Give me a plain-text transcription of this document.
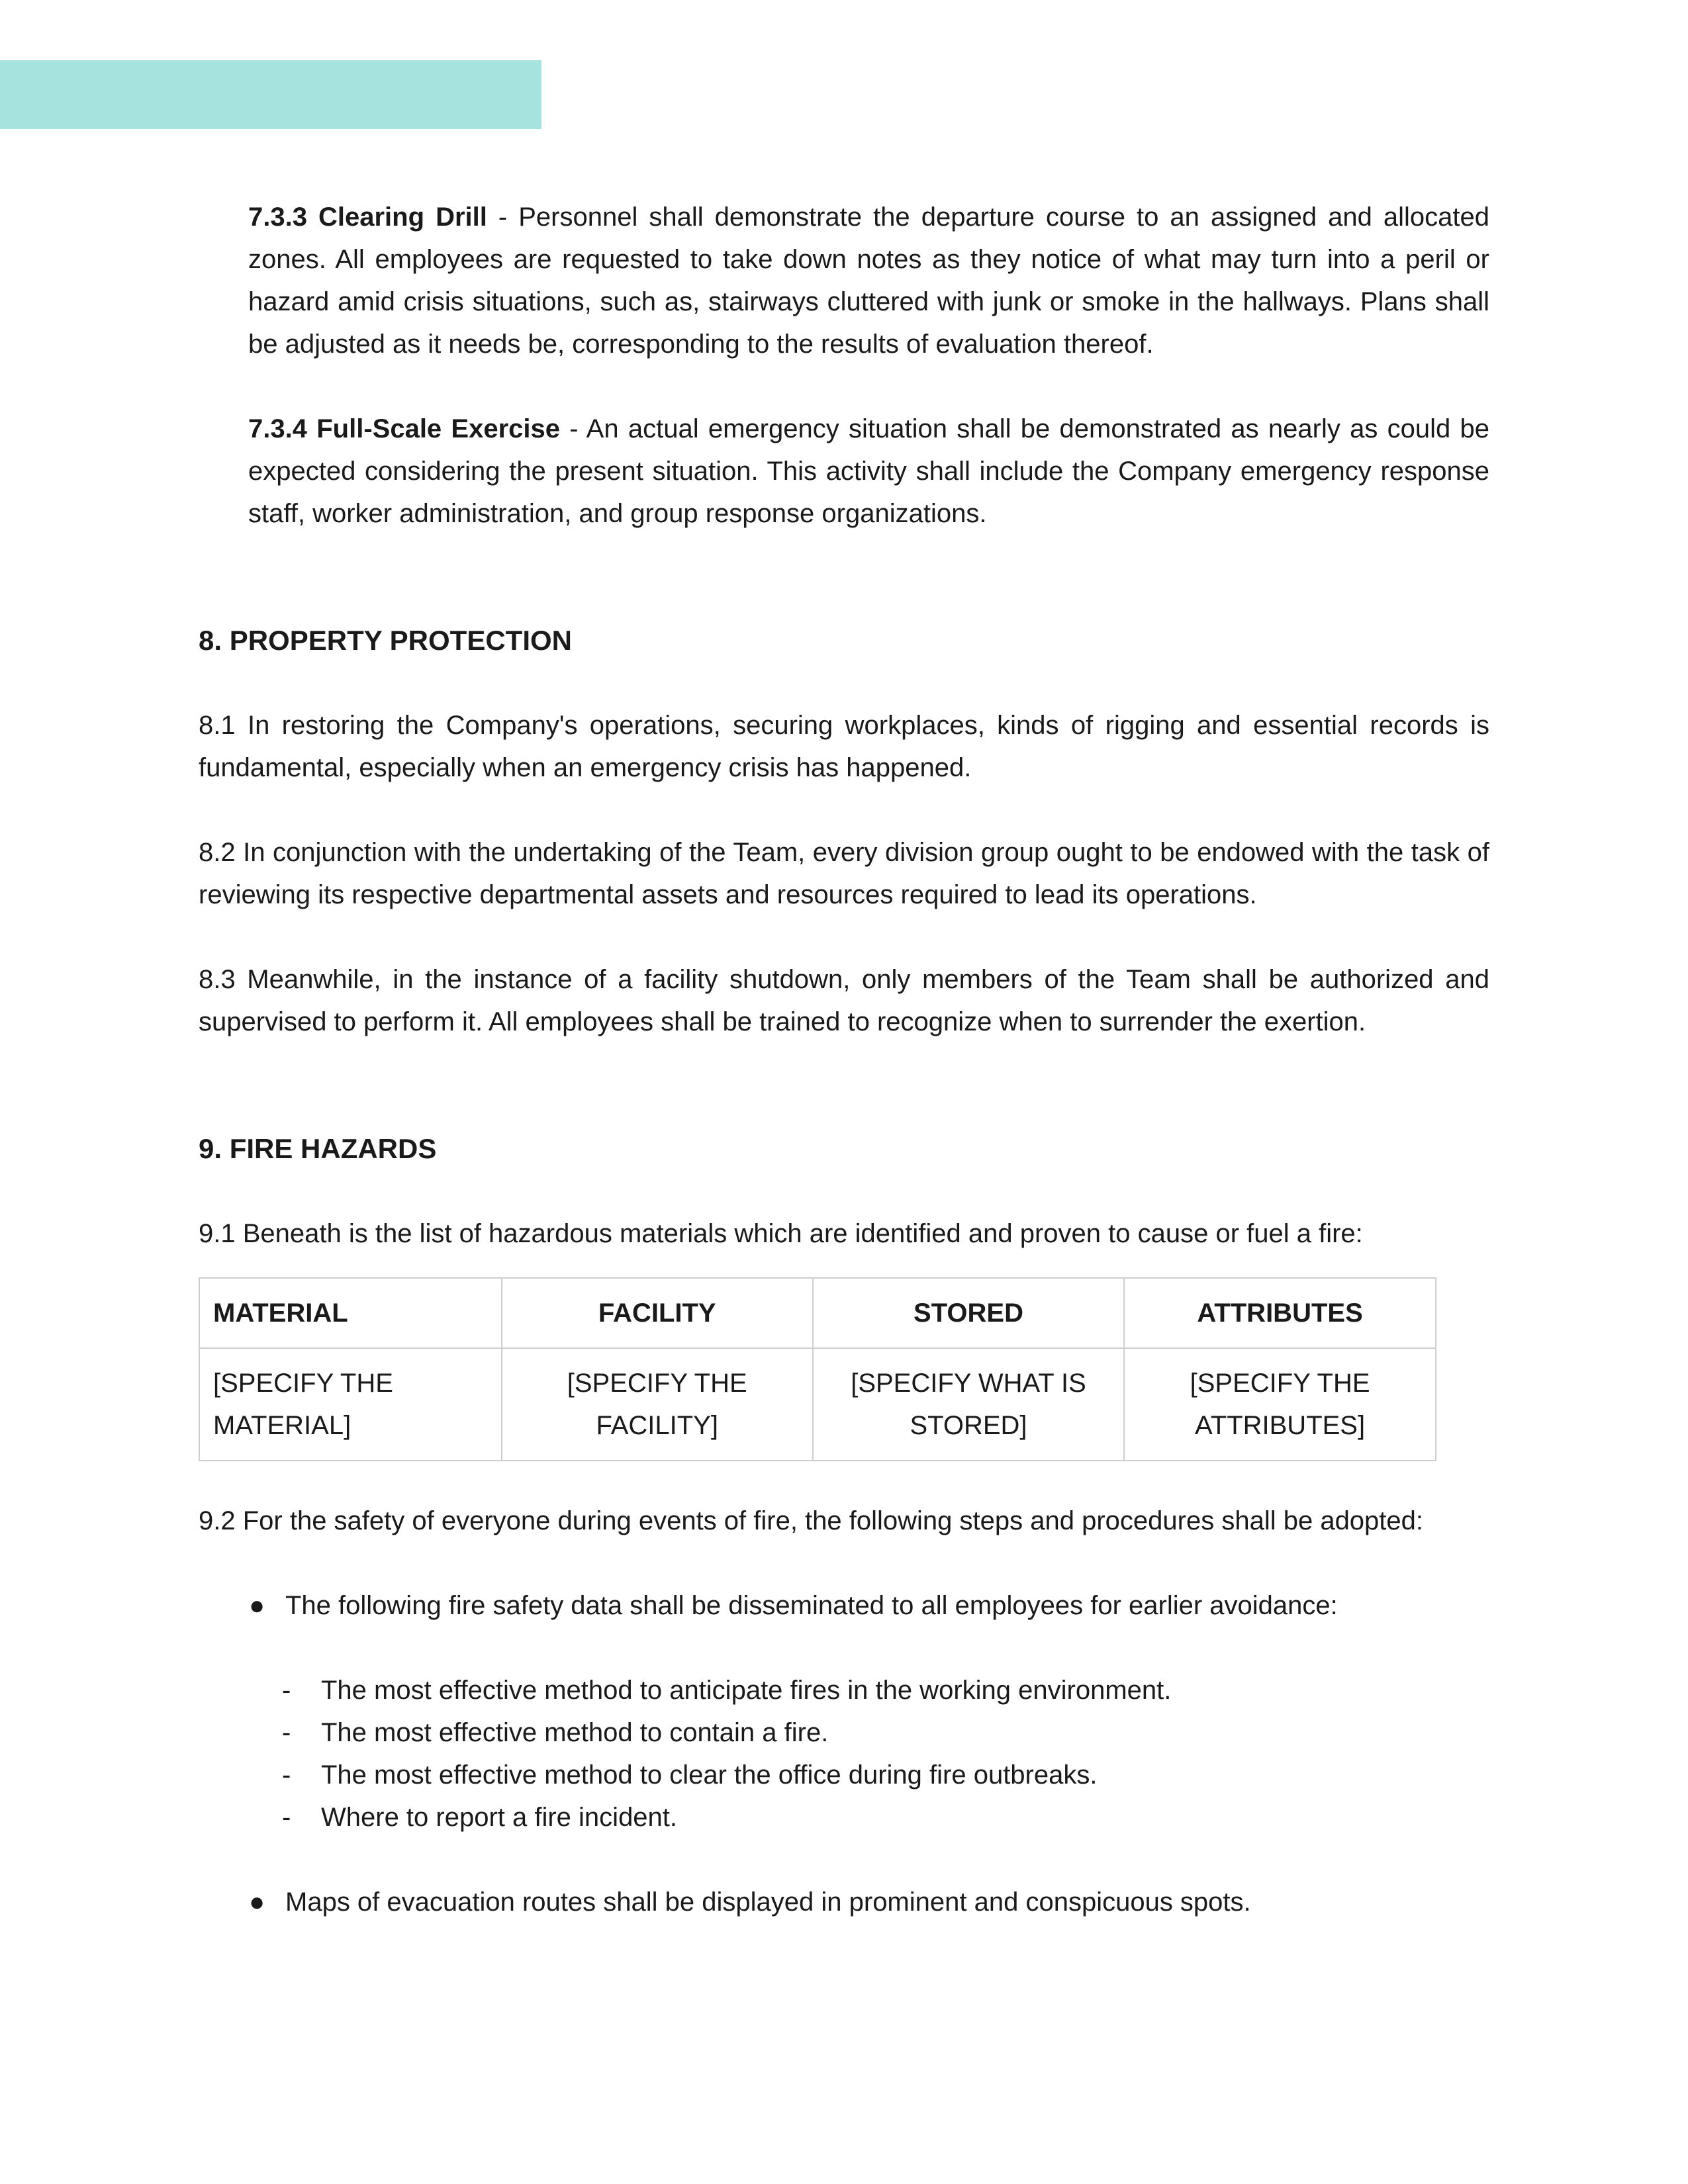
7.3.3 Clearing Drill - Personnel shall demonstrate the departure course to an assigned and allocated zones. All employees are requested to take down notes as they notice of what may turn into a peril or hazard amid crisis situations, such as, stairways cluttered with junk or smoke in the hallways. Plans shall be adjusted as it needs be, corresponding to the results of evaluation thereof.

7.3.4 Full-Scale Exercise - An actual emergency situation shall be demonstrated as nearly as could be expected considering the present situation. This activity shall include the Company emergency response staff, worker administration, and group response organizations.

8. PROPERTY PROTECTION

8.1 In restoring the Company's operations, securing workplaces, kinds of rigging and essential records is fundamental, especially when an emergency crisis has happened.

8.2 In conjunction with the undertaking of the Team, every division group ought to be endowed with the task of reviewing its respective departmental assets and resources required to lead its operations.

8.3 Meanwhile, in the instance of a facility shutdown, only members of the Team shall be authorized and supervised to perform it. All employees shall be trained to recognize when to surrender the exertion.

9. FIRE HAZARDS

9.1 Beneath is the list of hazardous materials which are identified and proven to cause or fuel a fire:

MATERIAL	FACILITY	STORED	ATTRIBUTES
[SPECIFY THE MATERIAL]	[SPECIFY THE FACILITY]	[SPECIFY WHAT IS STORED]	[SPECIFY THE ATTRIBUTES]

9.2 For the safety of everyone during events of fire, the following steps and procedures shall be adopted:

● The following fire safety data shall be disseminated to all employees for earlier avoidance:
- The most effective method to anticipate fires in the working environment.
- The most effective method to contain a fire.
- The most effective method to clear the office during fire outbreaks.
- Where to report a fire incident.
● Maps of evacuation routes shall be displayed in prominent and conspicuous spots.
